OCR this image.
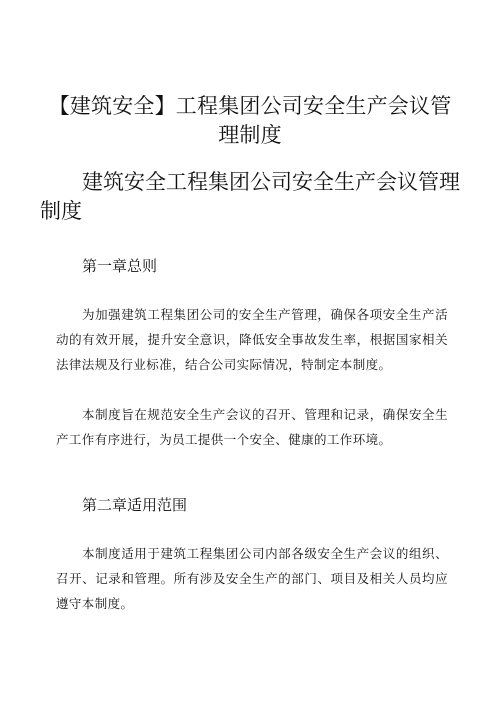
【建筑安全】工程集团公司安全生产会议管理制度
建筑安全工程集团公司安全生产会议管理制度
第一章总则
为加强建筑工程集团公司的安全生产管理，确保各项安全生产活动的有效开展，提升安全意识，降低安全事故发生率，根据国家相关法律法规及行业标准，结合公司实际情况，特制定本制度。
本制度旨在规范安全生产会议的召开、管理和记录，确保安全生产工作有序进行，为员工提供一个安全、健康的工作环境。
第二章适用范围
本制度适用于建筑工程集团公司内部各级安全生产会议的组织、召开、记录和管理。所有涉及安全生产的部门、项目及相关人员均应遵守本制度。
